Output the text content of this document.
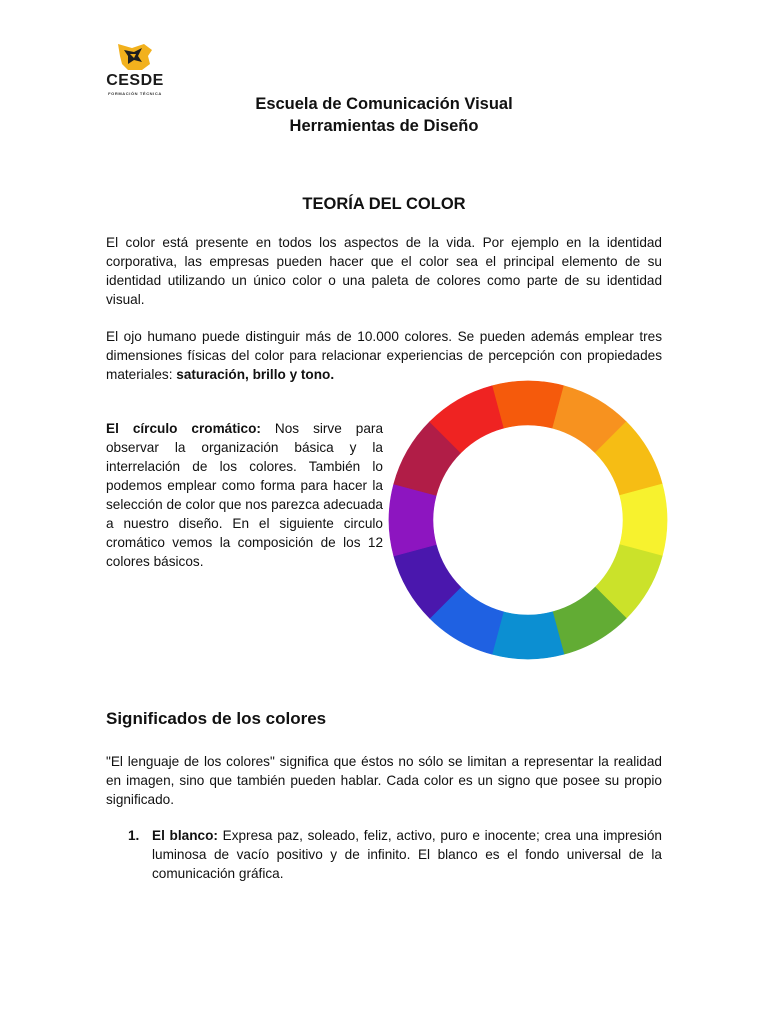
CESDE
FORMACIÓN TÉCNICA
Escuela de Comunicación Visual
Herramientas de Diseño
TEORÍA DEL COLOR
El color está presente en todos los aspectos de la vida. Por ejemplo en la identidad corporativa, las empresas pueden hacer que el color sea el principal elemento de su identidad utilizando un único color o una paleta de colores como parte de su identidad visual.
El ojo humano puede distinguir más de 10.000 colores. Se pueden además emplear tres dimensiones físicas del color para relacionar experiencias de percepción con propiedades materiales: saturación, brillo y tono.
El círculo cromático: Nos sirve para observar la organización básica y la interrelación de los colores. También lo podemos emplear como forma para hacer la selección de color que nos parezca adecuada a nuestro diseño. En el siguiente circulo cromático vemos la composición de los 12 colores básicos.
Significados de los colores
"El lenguaje de los colores" significa que éstos no sólo se limitan a representar la realidad en imagen, sino que también pueden hablar. Cada color es un signo que posee su propio significado.
1. El blanco: Expresa paz, soleado, feliz, activo, puro e inocente; crea una impresión luminosa de vacío positivo y de infinito. El blanco es el fondo universal de la comunicación gráfica.
